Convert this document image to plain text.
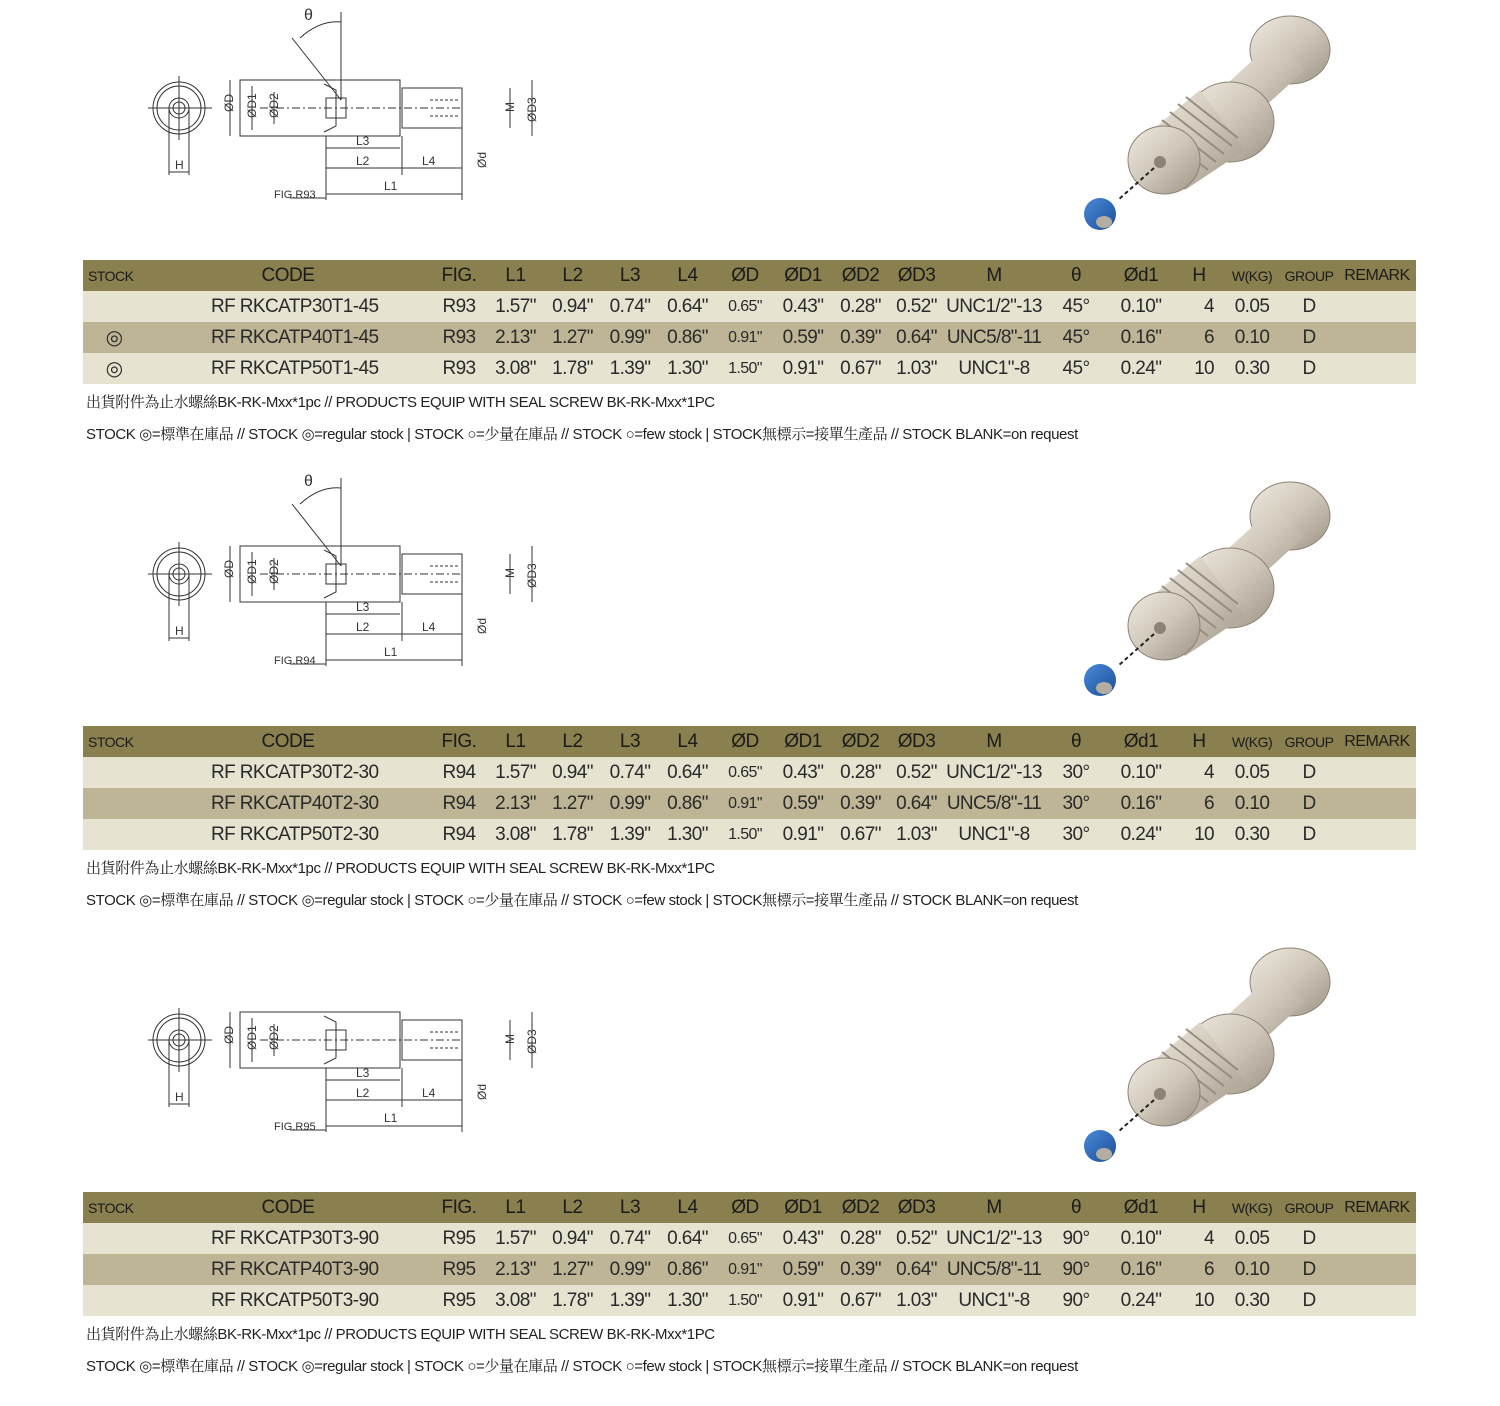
θ
ØD ØD1 ØD2	M ØD3
Ød
L3
L2	L4
L1
H
FIG.R93
STOCK	CODE	FIG.	L1	L2	L3	L4	ØD	ØD1	ØD2	ØD3	M	θ	Ød1	H	W(KG)	GROUP	REMARK
	RF RKCATP30T1-45	R93	1.57"	0.94"	0.74"	0.64"	0.65"	0.43"	0.28"	0.52"	UNC1/2"-13	45°	0.10"	4	0.05	D	
◎	RF RKCATP40T1-45	R93	2.13"	1.27"	0.99"	0.86"	0.91"	0.59"	0.39"	0.64"	UNC5/8"-11	45°	0.16"	6	0.10	D	
◎	RF RKCATP50T1-45	R93	3.08"	1.78"	1.39"	1.30"	1.50"	0.91"	0.67"	1.03"	UNC1"-8	45°	0.24"	10	0.30	D	
出貨附件為止水螺絲BK-RK-Mxx*1pc // PRODUCTS EQUIP WITH SEAL SCREW BK-RK-Mxx*1PC
STOCK ◎=標準在庫品 // STOCK ◎=regular stock | STOCK ○=少量在庫品 // STOCK ○=few stock | STOCK無標示=接單生產品 // STOCK BLANK=on request
θ
ØD ØD1 ØD2	M ØD3
Ød
L3
L2	L4
L1
H
FIG.R94
STOCK	CODE	FIG.	L1	L2	L3	L4	ØD	ØD1	ØD2	ØD3	M	θ	Ød1	H	W(KG)	GROUP	REMARK
	RF RKCATP30T2-30	R94	1.57"	0.94"	0.74"	0.64"	0.65"	0.43"	0.28"	0.52"	UNC1/2"-13	30°	0.10"	4	0.05	D	
	RF RKCATP40T2-30	R94	2.13"	1.27"	0.99"	0.86"	0.91"	0.59"	0.39"	0.64"	UNC5/8"-11	30°	0.16"	6	0.10	D	
	RF RKCATP50T2-30	R94	3.08"	1.78"	1.39"	1.30"	1.50"	0.91"	0.67"	1.03"	UNC1"-8	30°	0.24"	10	0.30	D	
出貨附件為止水螺絲BK-RK-Mxx*1pc // PRODUCTS EQUIP WITH SEAL SCREW BK-RK-Mxx*1PC
STOCK ◎=標準在庫品 // STOCK ◎=regular stock | STOCK ○=少量在庫品 // STOCK ○=few stock | STOCK無標示=接單生產品 // STOCK BLANK=on request
ØD ØD1 ØD2	M ØD3
Ød
L3
L2	L4
L1
H
FIG.R95
STOCK	CODE	FIG.	L1	L2	L3	L4	ØD	ØD1	ØD2	ØD3	M	θ	Ød1	H	W(KG)	GROUP	REMARK
	RF RKCATP30T3-90	R95	1.57"	0.94"	0.74"	0.64"	0.65"	0.43"	0.28"	0.52"	UNC1/2"-13	90°	0.10"	4	0.05	D	
	RF RKCATP40T3-90	R95	2.13"	1.27"	0.99"	0.86"	0.91"	0.59"	0.39"	0.64"	UNC5/8"-11	90°	0.16"	6	0.10	D	
	RF RKCATP50T3-90	R95	3.08"	1.78"	1.39"	1.30"	1.50"	0.91"	0.67"	1.03"	UNC1"-8	90°	0.24"	10	0.30	D	
出貨附件為止水螺絲BK-RK-Mxx*1pc // PRODUCTS EQUIP WITH SEAL SCREW BK-RK-Mxx*1PC
STOCK ◎=標準在庫品 // STOCK ◎=regular stock | STOCK ○=少量在庫品 // STOCK ○=few stock | STOCK無標示=接單生產品 // STOCK BLANK=on request
